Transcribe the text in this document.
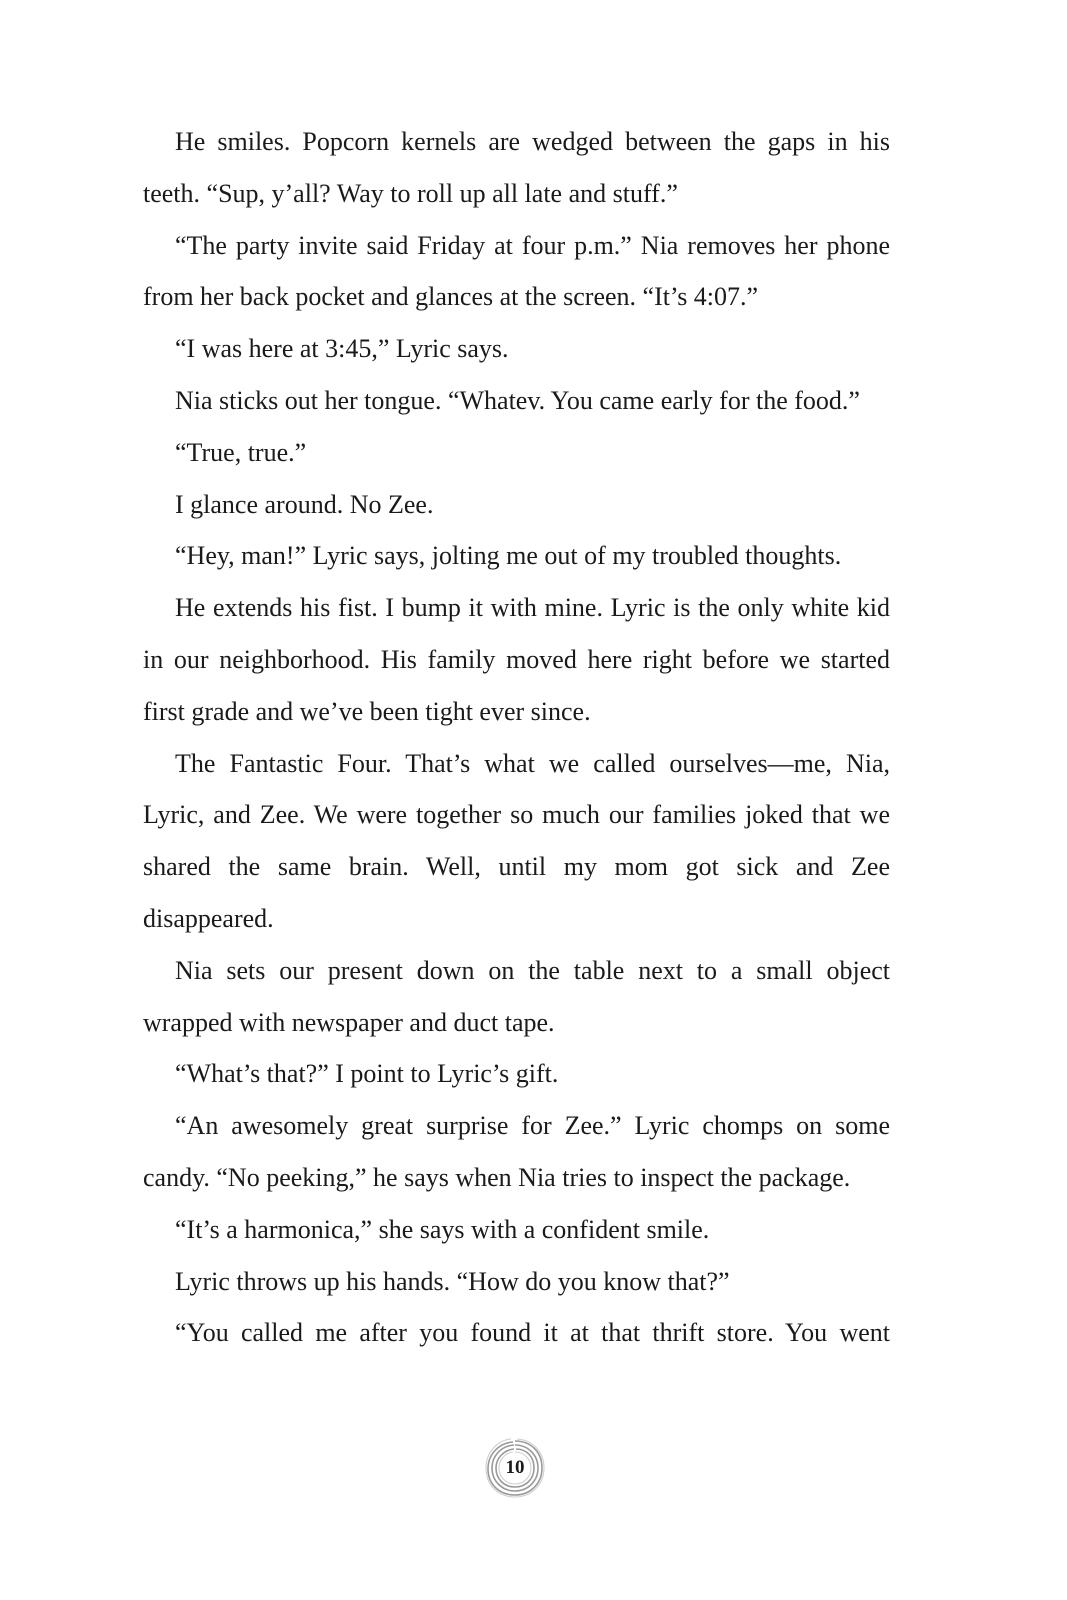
He smiles. Popcorn kernels are wedged between the gaps in his teeth. “Sup, y’all? Way to roll up all late and stuff.”

“The party invite said Friday at four p.m.” Nia removes her phone from her back pocket and glances at the screen. “It’s 4:07.”

“I was here at 3:45,” Lyric says.

Nia sticks out her tongue. “Whatev. You came early for the food.”

“True, true.”

I glance around. No Zee.

“Hey, man!” Lyric says, jolting me out of my troubled thoughts.

He extends his fist. I bump it with mine. Lyric is the only white kid in our neighborhood. His family moved here right before we started first grade and we’ve been tight ever since.

The Fantastic Four. That’s what we called ourselves—me, Nia, Lyric, and Zee. We were together so much our families joked that we shared the same brain. Well, until my mom got sick and Zee disappeared.

Nia sets our present down on the table next to a small object wrapped with newspaper and duct tape.

“What’s that?” I point to Lyric’s gift.

“An awesomely great surprise for Zee.” Lyric chomps on some candy. “No peeking,” he says when Nia tries to inspect the package.

“It’s a harmonica,” she says with a confident smile.

Lyric throws up his hands. “How do you know that?”

“You called me after you found it at that thrift store. You went

10
